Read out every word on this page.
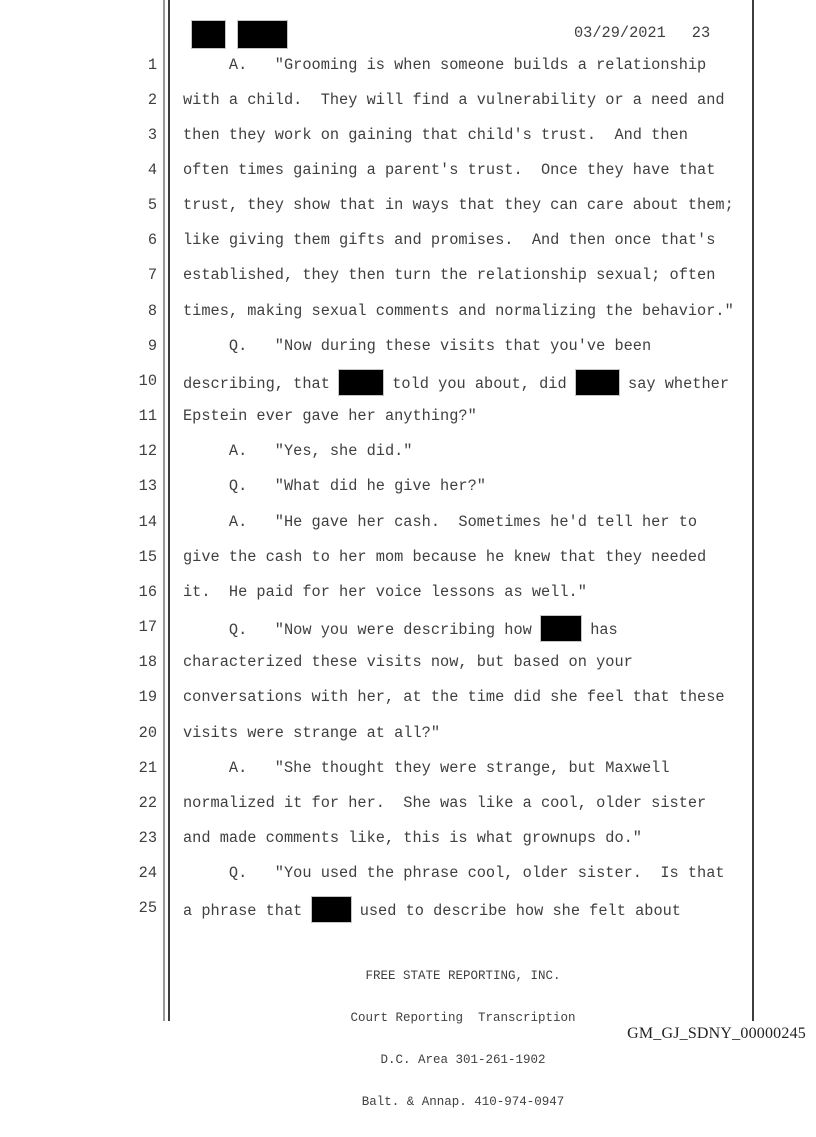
03/29/2021 23
1 A.   "Grooming is when someone builds a relationship
2 with a child.  They will find a vulnerability or a need and
3 then they work on gaining that child's trust.  And then
4 often times gaining a parent's trust.  Once they have that
5 trust, they show that in ways that they can care about them;
6 like giving them gifts and promises.  And then once that's
7 established, they then turn the relationship sexual; often
8 times, making sexual comments and normalizing the behavior."
9 Q.   "Now during these visits that you've been
10 describing, that	told you about, did	say whether
11 Epstein ever gave her anything?"
12 A.   "Yes, she did."
13 Q.   "What did he give her?"
14 A.   "He gave her cash.  Sometimes he'd tell her to
15 give the cash to her mom because he knew that they needed
16 it.  He paid for her voice lessons as well."
17 Q.   "Now you were describing how	has
18 characterized these visits now, but based on your
19 conversations with her, at the time did she feel that these
20 visits were strange at all?"
21 A.   "She thought they were strange, but Maxwell
22 normalized it for her.  She was like a cool, older sister
23 and made comments like, this is what grownups do."
24 Q.   "You used the phrase cool, older sister.  Is that
25 a phrase that	used to describe how she felt about

FREE STATE REPORTING, INC.

Court Reporting  Transcription

D.C. Area 301-261-1902

Balt. & Annap. 410-974-0947

GM_GJ_SDNY_00000245
